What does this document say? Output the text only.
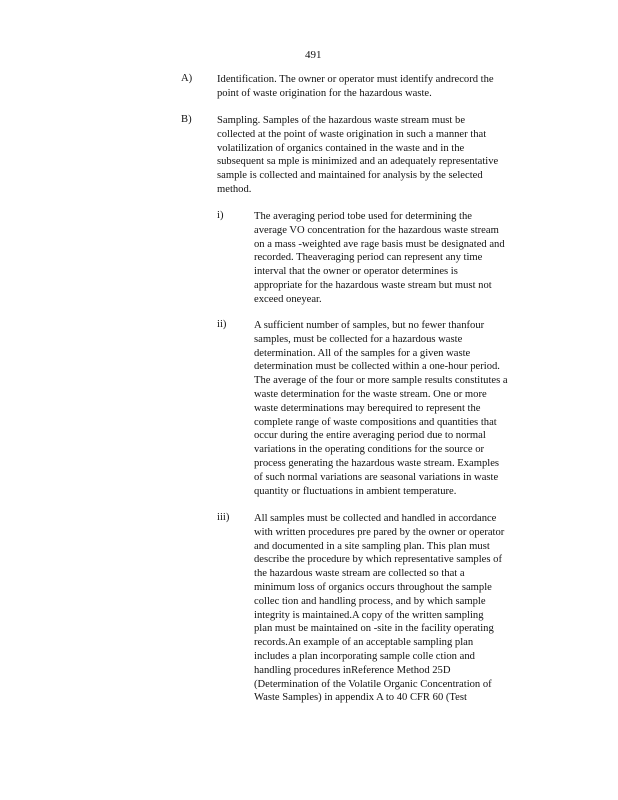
491
A) Identification. The owner or operator must identify andrecord the
point of waste origination for the hazardous waste.
B) Sampling. Samples of the hazardous waste stream must be
collected at the point of waste origination in such a manner that
volatilization of organics contained in the waste and in the
subsequent sa mple is minimized and an adequately representative
sample is collected and maintained for analysis by the selected
method.
i)	The averaging period tobe used for determining the
average VO concentration for the hazardous waste stream
on a mass -weighted ave rage basis must be designated and
recorded. Theaveraging period can represent any time
interval that the owner or operator determines is
appropriate for the hazardous waste stream but must not
exceed oneyear.
ii)	A sufficient number of samples, but no fewer thanfour
samples, must be collected for a hazardous waste
determination. All of the samples for a given waste
determination must be collected within a one-hour period.
The average of the four or more sample results constitutes a
waste determination for the waste stream. One or more
waste determinations may berequired to represent the
complete range of waste compositions and quantities that
occur during the entire averaging period due to normal
variations in the operating conditions for the source or
process generating the hazardous waste stream. Examples
of such normal variations are seasonal variations in waste
quantity or fluctuations in ambient temperature.
iii) All samples must be collected and handled in accordance
with written procedures pre pared by the owner or operator
and documented in a site sampling plan. This plan must
describe the procedure by which representative samples of
the hazardous waste stream are collected so that a
minimum loss of organics occurs throughout the sample
collec tion and handling process, and by which sample
integrity is maintained.A copy of the written sampling
plan must be maintained on -site in the facility operating
records.An example of an acceptable sampling plan
includes a plan incorporating sample colle ction and
handling procedures inReference Method 25D
(Determination of the Volatile Organic Concentration of
Waste Samples) in appendix A to 40 CFR 60 (Test
